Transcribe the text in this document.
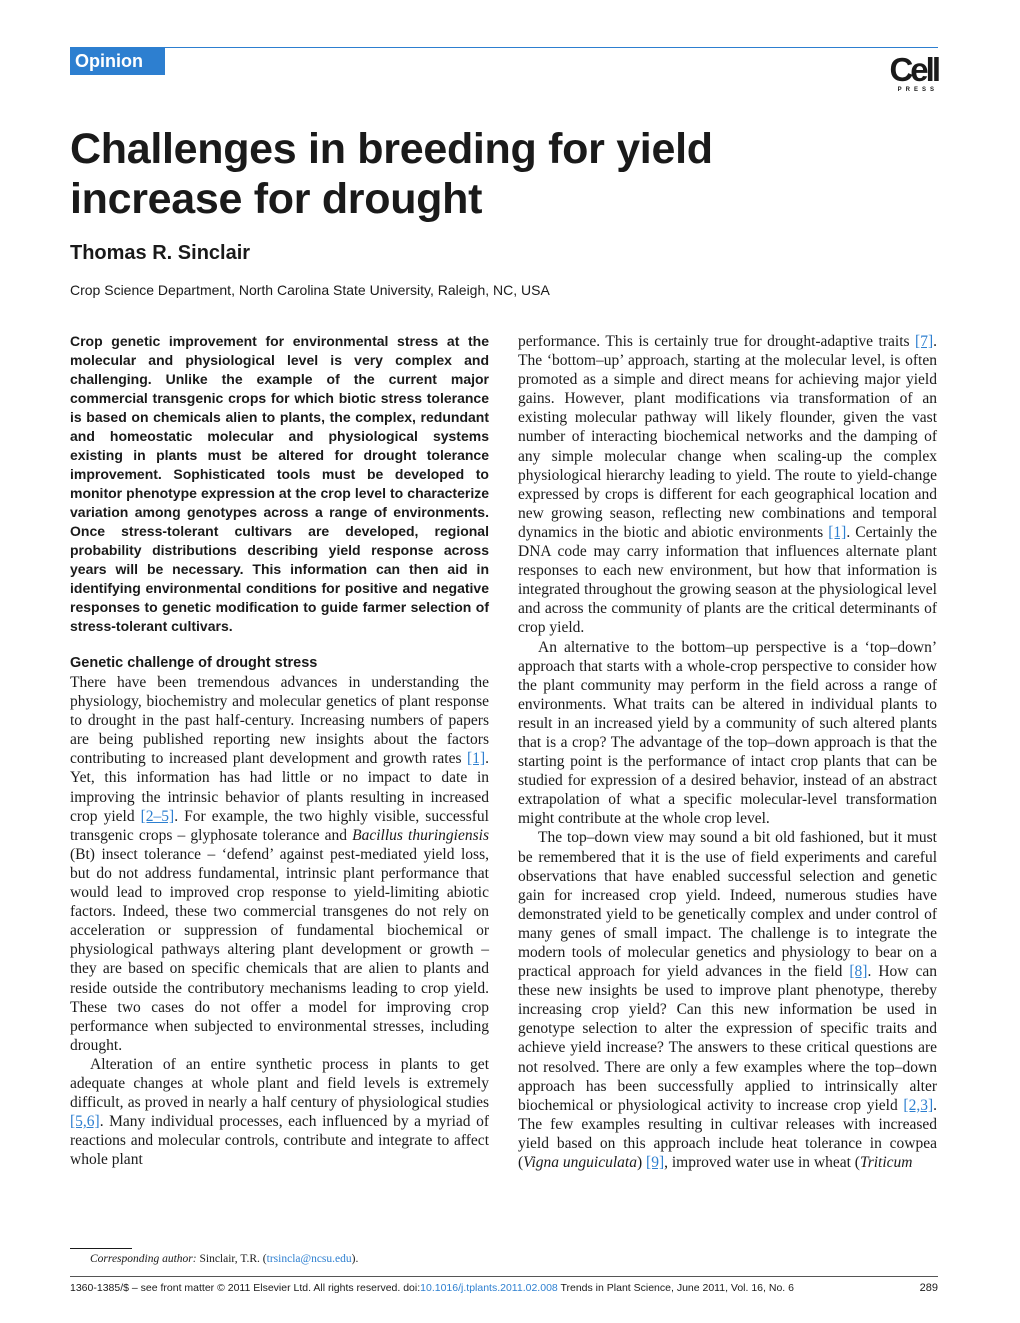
Opinion	Cell
PRESS
Challenges in breeding for yield increase for drought
Thomas R. Sinclair
Crop Science Department, North Carolina State University, Raleigh, NC, USA

Crop genetic improvement for environmental stress at the molecular and physiological level is very complex and challenging. Unlike the example of the current major commercial transgenic crops for which biotic stress tolerance is based on chemicals alien to plants, the complex, redundant and homeostatic molecular and physiological systems existing in plants must be altered for drought tolerance improvement. Sophisticated tools must be developed to monitor phenotype expression at the crop level to characterize variation among genotypes across a range of environments. Once stress-tolerant cultivars are developed, regional probability distributions describing yield response across years will be necessary. This information can then aid in identifying environmental conditions for positive and negative responses to genetic modification to guide farmer selection of stress-tolerant cultivars.

Genetic challenge of drought stress

There have been tremendous advances in understanding the physiology, biochemistry and molecular genetics of plant response to drought in the past half-century. Increasing numbers of papers are being published reporting new insights about the factors contributing to increased plant development and growth rates [1]. Yet, this information has had little or no impact to date in improving the intrinsic behavior of plants resulting in increased crop yield [2–5]. For example, the two highly visible, successful transgenic crops – glyphosate tolerance and Bacillus thuringiensis (Bt) insect tolerance – ‘defend’ against pest-mediated yield loss, but do not address fundamental, intrinsic plant performance that would lead to improved crop response to yield-limiting abiotic factors. Indeed, these two commercial transgenes do not rely on acceleration or suppression of fundamental biochemical or physiological pathways altering plant development or growth – they are based on specific chemicals that are alien to plants and reside outside the contributory mechanisms leading to crop yield. These two cases do not offer a model for improving crop performance when subjected to environmental stresses, including drought.

Alteration of an entire synthetic process in plants to get adequate changes at whole plant and field levels is extremely difficult, as proved in nearly a half century of physiological studies [5,6]. Many individual processes, each influenced by a myriad of reactions and molecular controls, contribute and integrate to affect whole plant

performance. This is certainly true for drought-adaptive traits [7]. The ‘bottom–up’ approach, starting at the molecular level, is often promoted as a simple and direct means for achieving major yield gains. However, plant modifications via transformation of an existing molecular pathway will likely flounder, given the vast number of interacting biochemical networks and the damping of any simple molecular change when scaling-up the complex physiological hierarchy leading to yield. The route to yield-change expressed by crops is different for each geographical location and new growing season, reflecting new combinations and temporal dynamics in the biotic and abiotic environments [1]. Certainly the DNA code may carry information that influences alternate plant responses to each new environment, but how that information is integrated throughout the growing season at the physiological level and across the community of plants are the critical determinants of crop yield.

An alternative to the bottom–up perspective is a ‘top–down’ approach that starts with a whole-crop perspective to consider how the plant community may perform in the field across a range of environments. What traits can be altered in individual plants to result in an increased yield by a community of such altered plants that is a crop? The advantage of the top–down approach is that the starting point is the performance of intact crop plants that can be studied for expression of a desired behavior, instead of an abstract extrapolation of what a specific molecular-level transformation might contribute at the whole crop level.

The top–down view may sound a bit old fashioned, but it must be remembered that it is the use of field experiments and careful observations that have enabled successful selection and genetic gain for increased crop yield. Indeed, numerous studies have demonstrated yield to be genetically complex and under control of many genes of small impact. The challenge is to integrate the modern tools of molecular genetics and physiology to bear on a practical approach for yield advances in the field [8]. How can these new insights be used to improve plant phenotype, thereby increasing crop yield? Can this new information be used in genotype selection to alter the expression of specific traits and achieve yield increase? The answers to these critical questions are not resolved. There are only a few examples where the top–down approach has been successfully applied to intrinsically alter biochemical or physiological activity to increase crop yield [2,3]. The few examples resulting in cultivar releases with increased yield based on this approach include heat tolerance in cowpea (Vigna unguiculata) [9], improved water use in wheat (Triticum

Corresponding author: Sinclair, T.R. (trsincla@ncsu.edu).
1360-1385/$ – see front matter © 2011 Elsevier Ltd. All rights reserved. doi:10.1016/j.tplants.2011.02.008 Trends in Plant Science, June 2011, Vol. 16, No. 6	289
